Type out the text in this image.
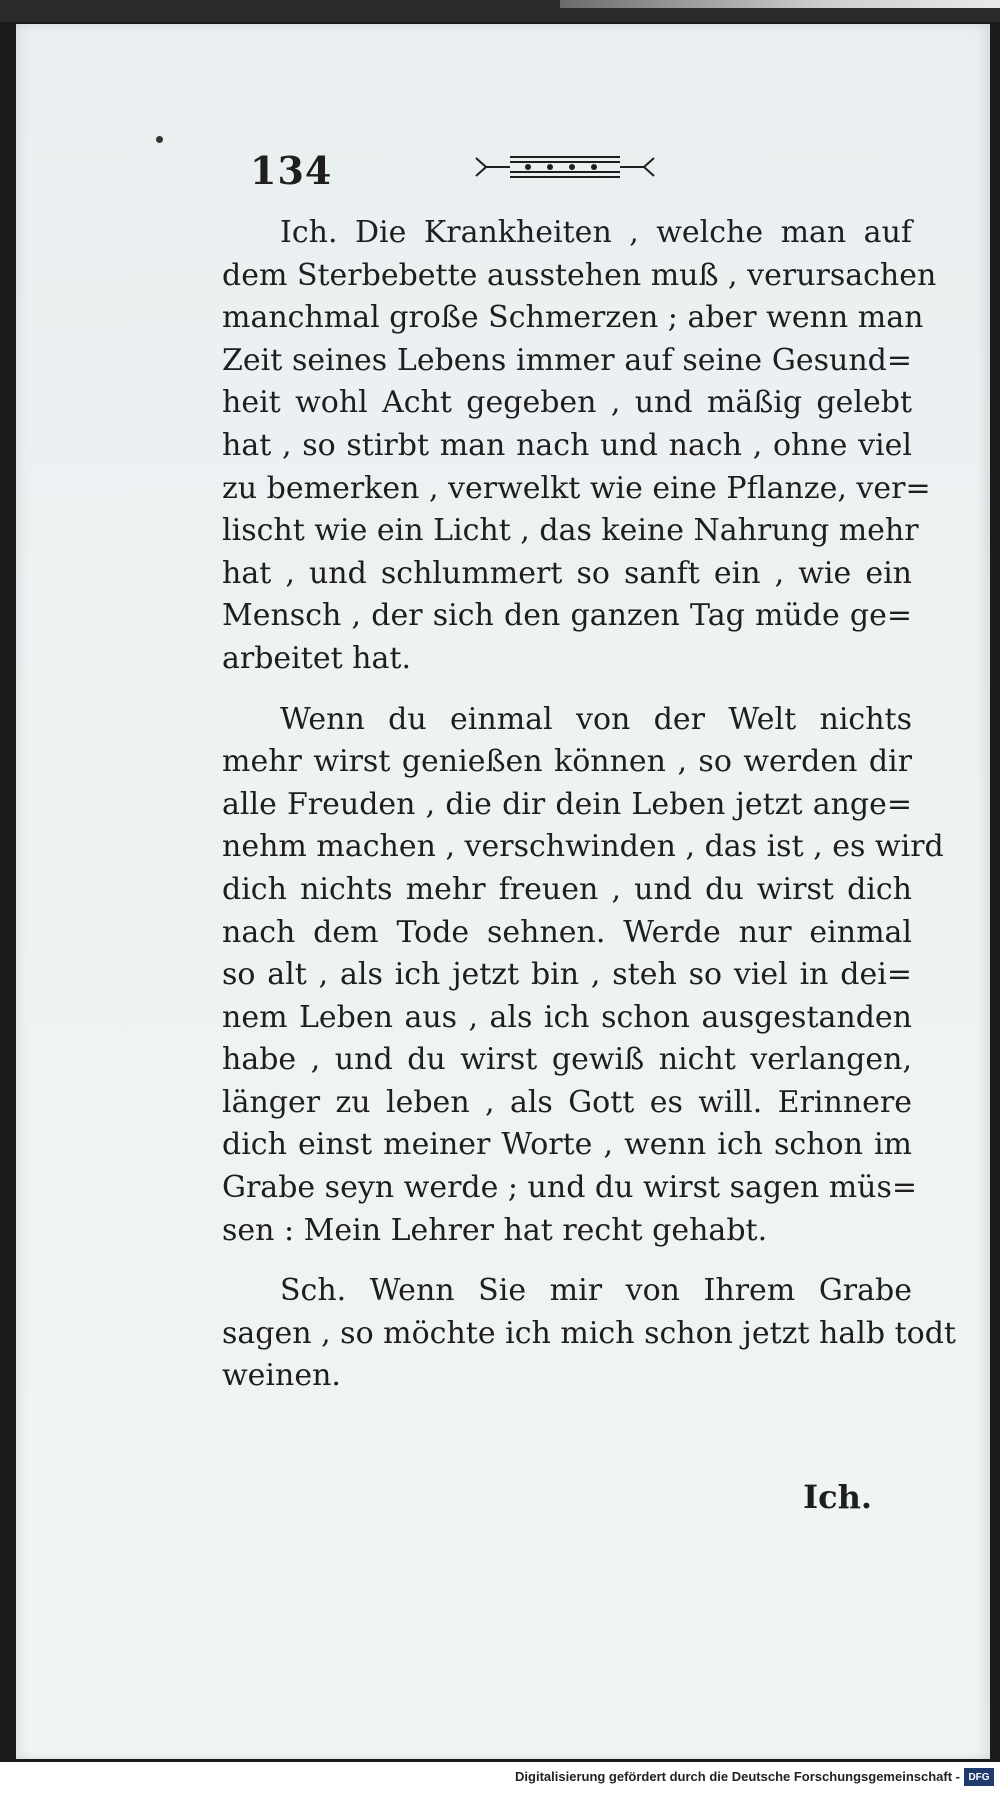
134
Ich. Die Krankheiten , welche man auf
dem Sterbebette ausstehen muß , verursachen
manchmal große Schmerzen ; aber wenn man
Zeit seines Lebens immer auf seine Gesund=
heit wohl Acht gegeben , und mäßig gelebt
hat , so stirbt man nach und nach , ohne viel
zu bemerken , verwelkt wie eine Pflanze, ver=
lischt wie ein Licht , das keine Nahrung mehr
hat , und schlummert so sanft ein , wie ein
Mensch , der sich den ganzen Tag müde ge=
arbeitet hat.
Wenn du einmal von der Welt nichts
mehr wirst genießen können , so werden dir
alle Freuden , die dir dein Leben jetzt ange=
nehm machen , verschwinden , das ist , es wird
dich nichts mehr freuen , und du wirst dich
nach dem Tode sehnen. Werde nur einmal
so alt , als ich jetzt bin , steh so viel in dei=
nem Leben aus , als ich schon ausgestanden
habe , und du wirst gewiß nicht verlangen,
länger zu leben , als Gott es will. Erinnere
dich einst meiner Worte , wenn ich schon im
Grabe seyn werde ; und du wirst sagen müs=
sen : Mein Lehrer hat recht gehabt.
Sch. Wenn Sie mir von Ihrem Grabe
sagen , so möchte ich mich schon jetzt halb todt
weinen.
Ich.
Digitalisierung gefördert durch die Deutsche Forschungsgemeinschaft - DFG
